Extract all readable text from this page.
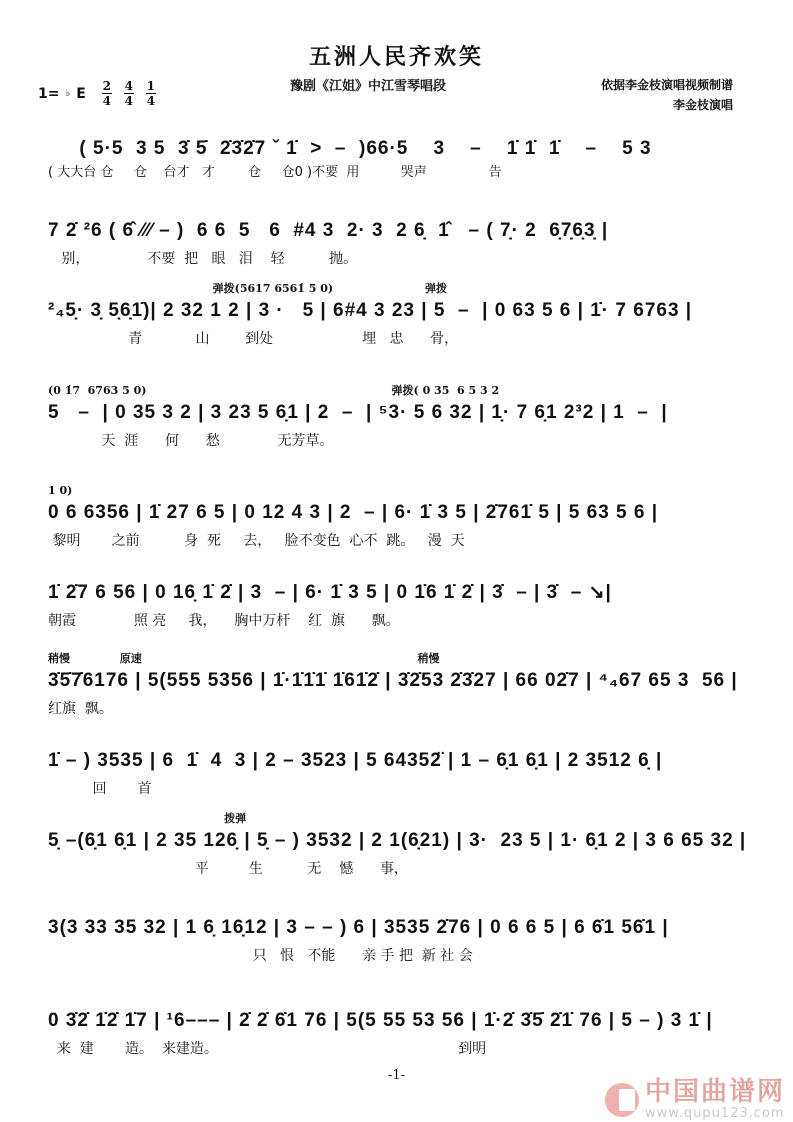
五洲人民齐欢笑
1= ♭ E 2
4
4
4
1
4
豫剧《江姐》中江雪琴唱段	依据李金枝演唱视频制谱
李金枝演唱
( 5·5  3 5  3̇ 5̇  2̇3̇2̇7 ˇ 1̇  >  –  )66·5    3    –    1̇ 1̇  1̇    –    5 3
( 大大台 仓     仓    台才   才        仓     仓0 )不要  用          哭声               告
7 2̇ ²6 ( 6̂ ⁄⁄⁄ – )  6 6  5   6  #4 3  2· 3  2 6̣  1̂   – ( 7̣· 2  6̣7̣6̣3̣ |
别，             不要  把   眼   泪    轻          抛。
弹拨(5617 6561̇ 5 0)                        弹拨
²₄5̣· 3̣ 5̣6̣1̇)| 2 32 1 2 | 3 ·   5 | 6#4 3 23 | 5  –  | 0 63 5 6 | 1̇· 7 6763 |
青            山        到处                    埋   忠      骨，
(0 1̇7  6763 5 0)                                                                弹拨( 0 35  6 5 3 2
5   –  | 0 35 3 2 | 3 23 5 6̣1 | 2  –  | ⁵3· 5 6 32 | 1̣· 7 6̣1 2³2 | 1  –  |
天  涯      何      愁             无芳草。
1 0)
0 6 6356 | 1̇ 27 6 5 | 0 12 4 3 | 2  – | 6· 1̇ 3 5 | 2̇761̇ 5 | 5 63 5 6 |
黎明       之前          身  死     去，   脸不变色  心不  跳。   漫  天
1̇ 2̇7 6 56 | 0 16̣ 1̇ 2̇ | 3  – | 6· 1̇ 3 5 | 0 1̇6 1̇ 2̇ | 3̇  – | 3̇  – ↘|
朝霞             照 亮     我，    胸中万杆    红  旗      飘。
稍慢             原速                                                                        稍慢
3̇5̇7̇6176 | 5(555 5356 | 1̇·1̇1̇1̇ 1̇61̇2̇ | 3̇2̇53 2̇3̇27 | 66 02̇7 | ⁴₄67 65 3  56 |
红旗  飘。
1̇ – ) 3535 | 6  1̇  4  3 | 2 – 3523 | 5 64352̈ | 1 – 6̣1 6̣1 | 2 3512 6̣ |
回       首
拨弹
5̣ –(6̣1 6̣1 | 2 35 126̣ | 5̣ – ) 3532 | 2 1(6̣21) | 3·  23 5 | 1· 6̣1 2 | 3 6 65 32 |
平         生          无    憾      事，
3(3 33 35 32 | 1 6̣ 16̣12 | 3 – – ) 6 | 3535 2̇76 | 0 6 6 5 | 6 6̇1 56̇1 |
只   恨   不能      亲 手 把  新 社 会
0 3̇2̇ 1̇2̇ 1̇7 | ¹6––– | 2̇ 2̇ 6̇1 76 | 5(5 55 53 56 | 1̇·2̇ 3̇5̇ 2̇1̇ 76 | 5 – ) 3 1̇ |
来  建       造。  来建造。                                                      到明
-1-
中国曲谱网
www.qupu123.com
